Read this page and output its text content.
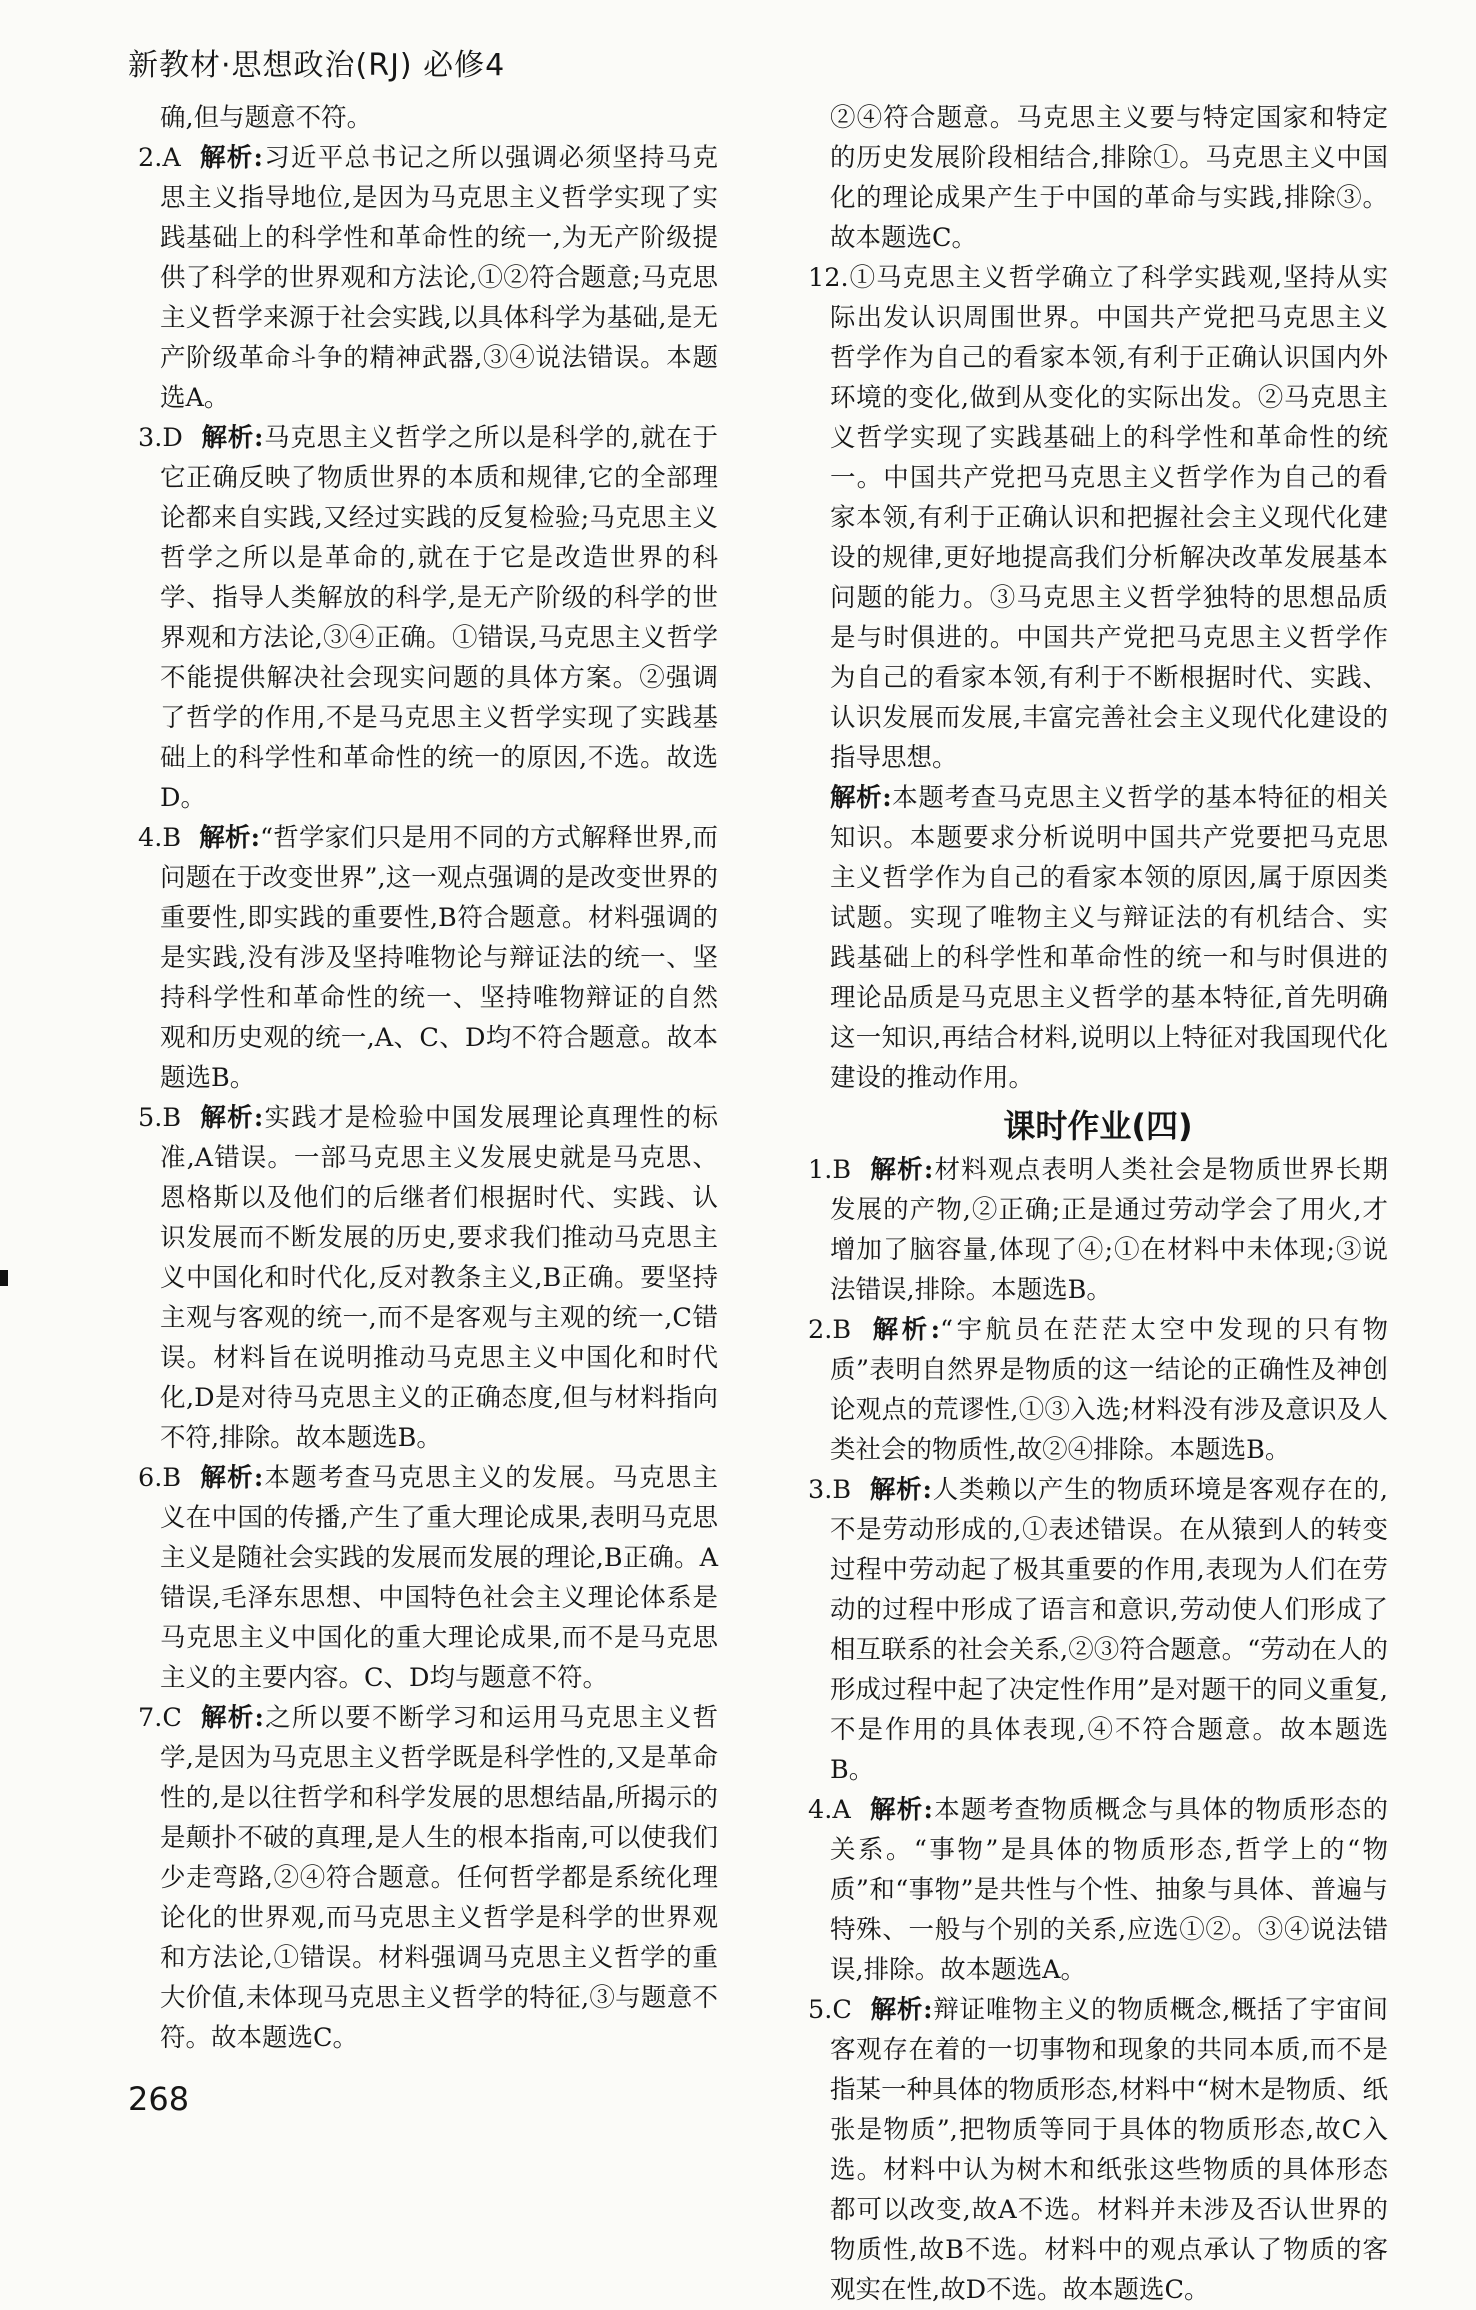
新教材·思想政治(RJ) 必修4

确,但与题意不符。

2.A 解析:习近平总书记之所以强调必须坚持马克思主义指导地位,是因为马克思主义哲学实现了实践基础上的科学性和革命性的统一,为无产阶级提供了科学的世界观和方法论,①②符合题意;马克思主义哲学来源于社会实践,以具体科学为基础,是无产阶级革命斗争的精神武器,③④说法错误。本题选A。

3.D 解析:马克思主义哲学之所以是科学的,就在于它正确反映了物质世界的本质和规律,它的全部理论都来自实践,又经过实践的反复检验;马克思主义哲学之所以是革命的,就在于它是改造世界的科学、指导人类解放的科学,是无产阶级的科学的世界观和方法论,③④正确。①错误,马克思主义哲学不能提供解决社会现实问题的具体方案。②强调了哲学的作用,不是马克思主义哲学实现了实践基础上的科学性和革命性的统一的原因,不选。故选D。

4.B 解析:“哲学家们只是用不同的方式解释世界,而问题在于改变世界”,这一观点强调的是改变世界的重要性,即实践的重要性,B符合题意。材料强调的是实践,没有涉及坚持唯物论与辩证法的统一、坚持科学性和革命性的统一、坚持唯物辩证的自然观和历史观的统一,A、C、D均不符合题意。故本题选B。

5.B 解析:实践才是检验中国发展理论真理性的标准,A错误。一部马克思主义发展史就是马克思、恩格斯以及他们的后继者们根据时代、实践、认识发展而不断发展的历史,要求我们推动马克思主义中国化和时代化,反对教条主义,B正确。要坚持主观与客观的统一,而不是客观与主观的统一,C错误。材料旨在说明推动马克思主义中国化和时代化,D是对待马克思主义的正确态度,但与材料指向不符,排除。故本题选B。

6.B 解析:本题考查马克思主义的发展。马克思主义在中国的传播,产生了重大理论成果,表明马克思主义是随社会实践的发展而发展的理论,B正确。A错误,毛泽东思想、中国特色社会主义理论体系是马克思主义中国化的重大理论成果,而不是马克思主义的主要内容。C、D均与题意不符。

7.C 解析:之所以要不断学习和运用马克思主义哲学,是因为马克思主义哲学既是科学性的,又是革命性的,是以往哲学和科学发展的思想结晶,所揭示的是颠扑不破的真理,是人生的根本指南,可以使我们少走弯路,②④符合题意。任何哲学都是系统化理论化的世界观,而马克思主义哲学是科学的世界观和方法论,①错误。材料强调马克思主义哲学的重大价值,未体现马克思主义哲学的特征,③与题意不符。故本题选C。

②④符合题意。马克思主义要与特定国家和特定的历史发展阶段相结合,排除①。马克思主义中国化的理论成果产生于中国的革命与实践,排除③。故本题选C。

12.①马克思主义哲学确立了科学实践观,坚持从实际出发认识周围世界。中国共产党把马克思主义哲学作为自己的看家本领,有利于正确认识国内外环境的变化,做到从变化的实际出发。②马克思主义哲学实现了实践基础上的科学性和革命性的统一。中国共产党把马克思主义哲学作为自己的看家本领,有利于正确认识和把握社会主义现代化建设的规律,更好地提高我们分析解决改革发展基本问题的能力。③马克思主义哲学独特的思想品质是与时俱进的。中国共产党把马克思主义哲学作为自己的看家本领,有利于不断根据时代、实践、认识发展而发展,丰富完善社会主义现代化建设的指导思想。

解析:本题考查马克思主义哲学的基本特征的相关知识。本题要求分析说明中国共产党要把马克思主义哲学作为自己的看家本领的原因,属于原因类试题。实现了唯物主义与辩证法的有机结合、实践基础上的科学性和革命性的统一和与时俱进的理论品质是马克思主义哲学的基本特征,首先明确这一知识,再结合材料,说明以上特征对我国现代化建设的推动作用。

课时作业(四)

1.B 解析:材料观点表明人类社会是物质世界长期发展的产物,②正确;正是通过劳动学会了用火,才增加了脑容量,体现了④;①在材料中未体现;③说法错误,排除。本题选B。

2.B 解析:“宇航员在茫茫太空中发现的只有物质”表明自然界是物质的这一结论的正确性及神创论观点的荒谬性,①③入选;材料没有涉及意识及人类社会的物质性,故②④排除。本题选B。

3.B 解析:人类赖以产生的物质环境是客观存在的,不是劳动形成的,①表述错误。在从猿到人的转变过程中劳动起了极其重要的作用,表现为人们在劳动的过程中形成了语言和意识,劳动使人们形成了相互联系的社会关系,②③符合题意。“劳动在人的形成过程中起了决定性作用”是对题干的同义重复,不是作用的具体表现,④不符合题意。故本题选B。

4.A 解析:本题考查物质概念与具体的物质形态的关系。“事物”是具体的物质形态,哲学上的“物质”和“事物”是共性与个性、抽象与具体、普遍与特殊、一般与个别的关系,应选①②。③④说法错误,排除。故本题选A。

5.C 解析:辩证唯物主义的物质概念,概括了宇宙间客观存在着的一切事物和现象的共同本质,而不是指某一种具体的物质形态,材料中“树木是物质、纸张是物质”,把物质等同于具体的物质形态,故C入选。材料中认为树木和纸张这些物质的具体形态都可以改变,故A不选。材料并未涉及否认世界的物质性,故B不选。材料中的观点承认了物质的客观实在性,故D不选。故本题选C。

268
